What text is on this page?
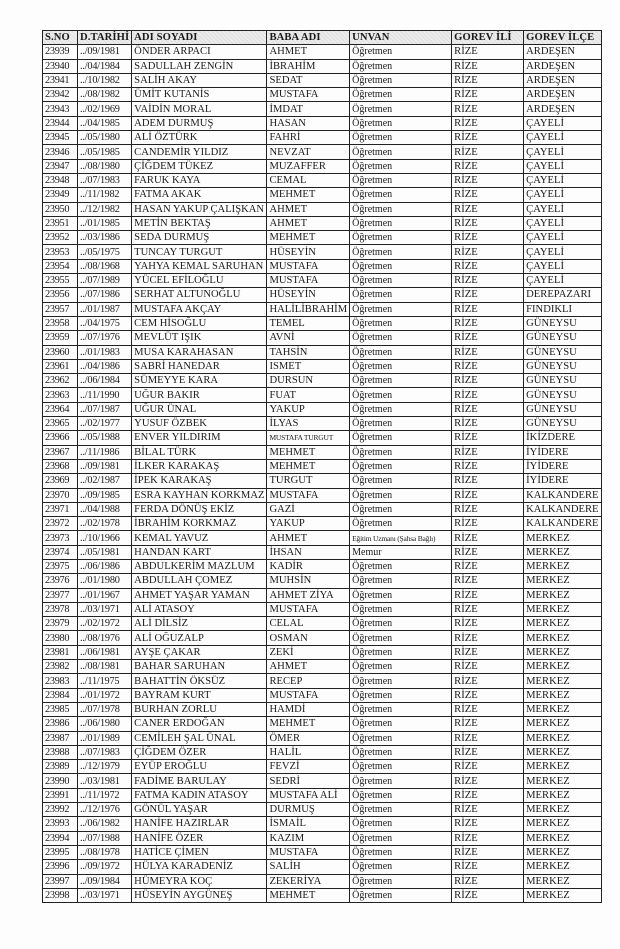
S.NO	D.TARİHİ	ADI SOYADI	BABA ADI	UNVAN	GOREV İLİ	GOREV İLÇE
23939	../09/1981	ÖNDER ARPACI	AHMET	Öğretmen	RİZE	ARDEŞEN
23940	../04/1984	SADULLAH ZENGİN	İBRAHİM	Öğretmen	RİZE	ARDEŞEN
23941	../10/1982	SALİH AKAY	SEDAT	Öğretmen	RİZE	ARDEŞEN
23942	../08/1982	ÜMİT KUTANİS	MUSTAFA	Öğretmen	RİZE	ARDEŞEN
23943	../02/1969	VAİDİN MORAL	İMDAT	Öğretmen	RİZE	ARDEŞEN
23944	../04/1985	ADEM DURMUŞ	HASAN	Öğretmen	RİZE	ÇAYELİ
23945	../05/1980	ALİ ÖZTÜRK	FAHRİ	Öğretmen	RİZE	ÇAYELİ
23946	../05/1985	CANDEMİR YILDIZ	NEVZAT	Öğretmen	RİZE	ÇAYELİ
23947	../08/1980	ÇİĞDEM TÜKEZ	MUZAFFER	Öğretmen	RİZE	ÇAYELİ
23948	../07/1983	FARUK KAYA	CEMAL	Öğretmen	RİZE	ÇAYELİ
23949	../11/1982	FATMA AKAK	MEHMET	Öğretmen	RİZE	ÇAYELİ
23950	../12/1982	HASAN YAKUP ÇALIŞKAN	AHMET	Öğretmen	RİZE	ÇAYELİ
23951	../01/1985	METİN BEKTAŞ	AHMET	Öğretmen	RİZE	ÇAYELİ
23952	../03/1986	SEDA DURMUŞ	MEHMET	Öğretmen	RİZE	ÇAYELİ
23953	../05/1975	TUNCAY TURGUT	HÜSEYİN	Öğretmen	RİZE	ÇAYELİ
23954	../08/1968	YAHYA KEMAL SARUHAN	MUSTAFA	Öğretmen	RİZE	ÇAYELİ
23955	../07/1989	YÜCEL EFİLOĞLU	MUSTAFA	Öğretmen	RİZE	ÇAYELİ
23956	../07/1986	SERHAT ALTUNOĞLU	HÜSEYİN	Öğretmen	RİZE	DEREPAZARI
23957	../01/1987	MUSTAFA AKÇAY	HALİLİBRAHİM	Öğretmen	RİZE	FINDIKLI
23958	../04/1975	CEM HİSOĞLU	TEMEL	Öğretmen	RİZE	GÜNEYSU
23959	../07/1976	MEVLÜT IŞIK	AVNİ	Öğretmen	RİZE	GÜNEYSU
23960	../01/1983	MUSA KARAHASAN	TAHSİN	Öğretmen	RİZE	GÜNEYSU
23961	../04/1986	SABRİ HANEDAR	ISMET	Öğretmen	RİZE	GÜNEYSU
23962	../06/1984	SÜMEYYE KARA	DURSUN	Öğretmen	RİZE	GÜNEYSU
23963	../11/1990	UĞUR BAKIR	FUAT	Öğretmen	RİZE	GÜNEYSU
23964	../07/1987	UĞUR ÜNAL	YAKUP	Öğretmen	RİZE	GÜNEYSU
23965	../02/1977	YUSUF ÖZBEK	İLYAS	Öğretmen	RİZE	GÜNEYSU
23966	../05/1988	ENVER YILDIRIM	MUSTAFA TURGUT	Öğretmen	RİZE	İKİZDERE
23967	../11/1986	BİLAL TÜRK	MEHMET	Öğretmen	RİZE	İYİDERE
23968	../09/1981	İLKER KARAKAŞ	MEHMET	Öğretmen	RİZE	İYİDERE
23969	../02/1987	İPEK KARAKAŞ	TURGUT	Öğretmen	RİZE	İYİDERE
23970	../09/1985	ESRA KAYHAN KORKMAZ	MUSTAFA	Öğretmen	RİZE	KALKANDERE
23971	../04/1988	FERDA DÖNÜŞ EKİZ	GAZİ	Öğretmen	RİZE	KALKANDERE
23972	../02/1978	İBRAHİM KORKMAZ	YAKUP	Öğretmen	RİZE	KALKANDERE
23973	../10/1966	KEMAL YAVUZ	AHMET	Eğitim Uzmanı (Şahsa Bağlı)	RİZE	MERKEZ
23974	../05/1981	HANDAN KART	İHSAN	Memur	RİZE	MERKEZ
23975	../06/1986	ABDULKERİM MAZLUM	KADİR	Öğretmen	RİZE	MERKEZ
23976	../01/1980	ABDULLAH ÇOMEZ	MUHSİN	Öğretmen	RİZE	MERKEZ
23977	../01/1967	AHMET YAŞAR YAMAN	AHMET ZİYA	Öğretmen	RİZE	MERKEZ
23978	../03/1971	ALİ ATASOY	MUSTAFA	Öğretmen	RİZE	MERKEZ
23979	../02/1972	ALİ DİLSİZ	CELAL	Öğretmen	RİZE	MERKEZ
23980	../08/1976	ALİ OĞUZALP	OSMAN	Öğretmen	RİZE	MERKEZ
23981	../06/1981	AYŞE ÇAKAR	ZEKİ	Öğretmen	RİZE	MERKEZ
23982	../08/1981	BAHAR SARUHAN	AHMET	Öğretmen	RİZE	MERKEZ
23983	../11/1975	BAHATTİN ÖKSÜZ	RECEP	Öğretmen	RİZE	MERKEZ
23984	../01/1972	BAYRAM KURT	MUSTAFA	Öğretmen	RİZE	MERKEZ
23985	../07/1978	BURHAN ZORLU	HAMDİ	Öğretmen	RİZE	MERKEZ
23986	../06/1980	CANER ERDOĞAN	MEHMET	Öğretmen	RİZE	MERKEZ
23987	../01/1989	CEMİLEH ŞAL ÜNAL	ÖMER	Öğretmen	RİZE	MERKEZ
23988	../07/1983	ÇİĞDEM ÖZER	HALİL	Öğretmen	RİZE	MERKEZ
23989	../12/1979	EYÜP EROĞLU	FEVZİ	Öğretmen	RİZE	MERKEZ
23990	../03/1981	FADİME BARULAY	SEDRİ	Öğretmen	RİZE	MERKEZ
23991	../11/1972	FATMA KADIN ATASOY	MUSTAFA ALİ	Öğretmen	RİZE	MERKEZ
23992	../12/1976	GÖNÜL YAŞAR	DURMUŞ	Öğretmen	RİZE	MERKEZ
23993	../06/1982	HANİFE HAZIRLAR	İSMAİL	Öğretmen	RİZE	MERKEZ
23994	../07/1988	HANİFE ÖZER	KAZIM	Öğretmen	RİZE	MERKEZ
23995	../08/1978	HATİCE ÇİMEN	MUSTAFA	Öğretmen	RİZE	MERKEZ
23996	../09/1972	HÜLYA KARADENİZ	SALİH	Öğretmen	RİZE	MERKEZ
23997	../09/1984	HÜMEYRA KOÇ	ZEKERİYA	Öğretmen	RİZE	MERKEZ
23998	../03/1971	HÜSEYİN AYGÜNEŞ	MEHMET	Öğretmen	RİZE	MERKEZ
